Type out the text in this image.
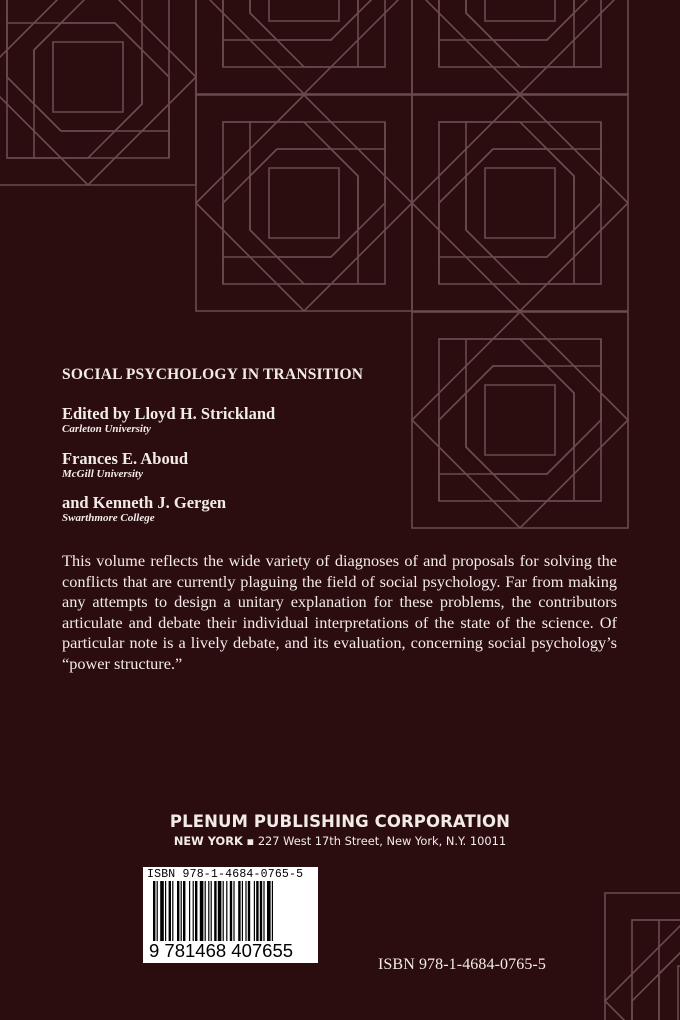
SOCIAL PSYCHOLOGY IN TRANSITION
Edited by Lloyd H. Strickland
Carleton University
Frances E. Aboud
McGill University
and Kenneth J. Gergen
Swarthmore College
This volume reflects the wide variety of diagnoses of and proposals for solving the conflicts that are currently plaguing the field of social psychology. Far from making any attempts to design a unitary explanation for these problems, the contributors articulate and debate their individual interpretations of the state of the science. Of particular note is a lively debate, and its evaluation, concerning social psychology’s “power structure.”
PLENUM PUBLISHING CORPORATION
NEW YORK ▪ 227 West 17th Street, New York, N.Y. 10011
ISBN 978-1-4684-0765-5
9 781468 407655
ISBN 978-1-4684-0765-5
